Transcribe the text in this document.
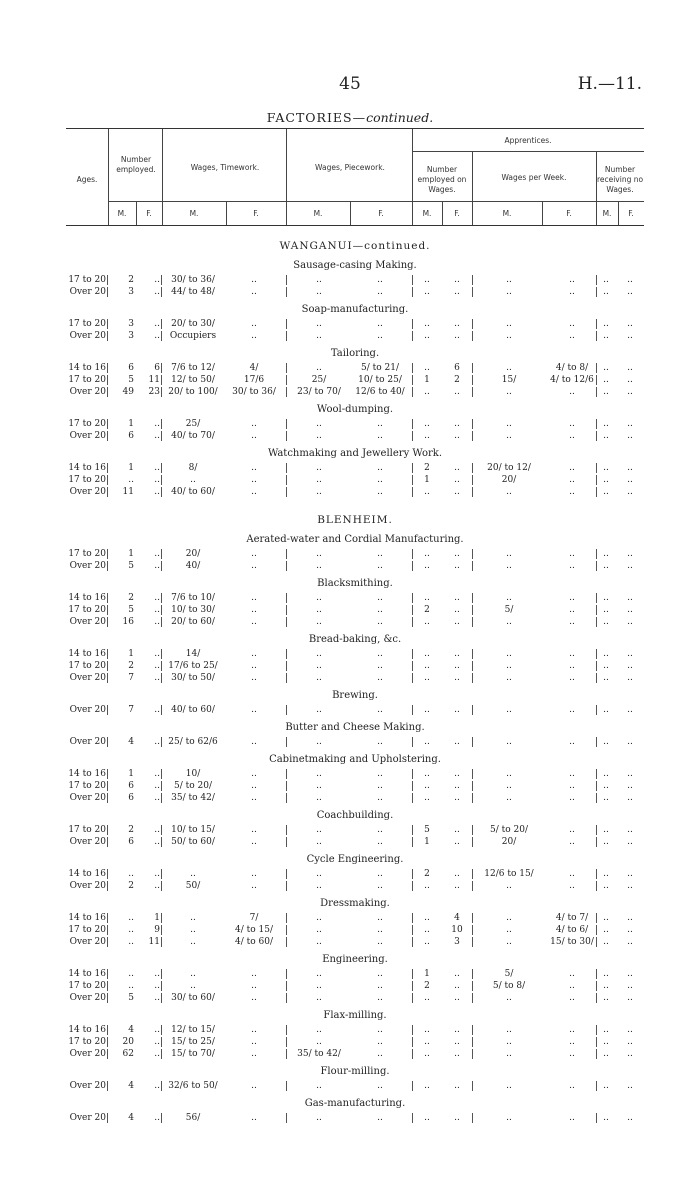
45	H.—11.
FACTORIES—continued.
Ages.
Number employed.	Wages, Timework.	Wages, Piecework.
Apprentices.
Number employed on Wages.
Wages per Week.
Number receiving no Wages.
M.	F.	M.	F.	M.	F.	M.	F.	M.	F.	M.	F.
WANGANUI—continued.
Sausage-casing Making.
17 to 20	2	..	30/ to 36/	..	..	..	..	..	..	..	..	..
Over 20	3	..	44/ to 48/	..	..	..	..	..	..	..	..	..
Soap-manufacturing.
17 to 20	3	..	20/ to 30/	..	..	..	..	..	..	..	..	..
Over 20	3	..	Occupiers	..	..	..	..	..	..	..	..	..
Tailoring.
14 to 16	6	6	7/6 to 12/	4/	..	5/ to 21/	..	6	..	4/ to 8/	..	..
17 to 20	5	11	12/ to 50/	17/6	25/	10/ to 25/	1	2	15/	4/ to 12/6	..	..
Over 20	49	23 20/ to 100/	30/ to 36/	23/ to 70/	12/6 to 40/	..	..	..	..	..	..
Wool-dumping.
17 to 20	1	..	25/	..	..	..	..	..	..	..	..	..
Over 20	6	..	40/ to 70/	..	..	..	..	..	..	..	..	..
Watchmaking and Jewellery Work.
14 to 16	1	..	8/	..	..	..	2	..	20/ to 12/	..	..	..
17 to 20	..	..	..	..	..	..	1	..	20/	..	..	..
Over 20	11	..	40/ to 60/	..	..	..	..	..	..	..	..	..
BLENHEIM.
Aerated-water and Cordial Manufacturing.
17 to 20	1	..	20/	..	..	..	..	..	..	..	..	..
Over 20	5	..	40/	..	..	..	..	..	..	..	..	..
Blacksmithing.
14 to 16	2	..	7/6 to 10/	..	..	..	..	..	..	..	..	..
17 to 20	5	..	10/ to 30/	..	..	..	2	..	5/	..	..	..
Over 20	16	..	20/ to 60/	..	..	..	..	..	..	..	..	..
Bread-baking, &c.
14 to 16	1	..	14/	..	..	..	..	..	..	..	..	..
17 to 20	2	.. 17/6 to 25/	..	..	..	..	..	..	..	..	..
Over 20	7	..	30/ to 50/	..	..	..	..	..	..	..	..	..
Brewing.
Over 20	7	..	40/ to 60/	..	..	..	..	..	..	..	..	..
Butter and Cheese Making.
Over 20	4	.. 25/ to 62/6	..	..	..	..	..	..	..	..	..
Cabinetmaking and Upholstering.
14 to 16	1	..	10/	..	..	..	..	..	..	..	..	..
17 to 20	6	..	5/ to 20/	..	..	..	..	..	..	..	..	..
Over 20	6	..	35/ to 42/	..	..	..	..	..	..	..	..	..
Coachbuilding.
17 to 20	2	..	10/ to 15/	..	..	..	5	..	5/ to 20/	..	..	..
Over 20	6	..	50/ to 60/	..	..	..	1	..	20/	..	..	..
Cycle Engineering.
14 to 16	..	..	..	..	..	..	2	..	12/6 to 15/	..	..	..
Over 20	2	..	50/	..	..	..	..	..	..	..	..	..
Dressmaking.
14 to 16	..	1	..	7/	..	..	..	4	..	4/ to 7/	..	..
17 to 20	..	9	..	4/ to 15/	..	..	..	10	..	4/ to 6/	..	..
Over 20	..	11	..	4/ to 60/	..	..	..	3	..	15/ to 30/	..	..
Engineering.
14 to 16	..	..	..	..	..	..	1	..	5/	..	..	..
17 to 20	..	..	..	..	..	..	2	..	5/ to 8/	..	..	..
Over 20	5	..	30/ to 60/	..	..	..	..	..	..	..	..	..
Flax-milling.
14 to 16	4	..	12/ to 15/	..	..	..	..	..	..	..	..	..
17 to 20	20	..	15/ to 25/	..	..	..	..	..	..	..	..	..
Over 20	62	..	15/ to 70/	..	35/ to 42/	..	..	..	..	..	..	..
Flour-milling.
Over 20	4	.. 32/6 to 50/	..	..	..	..	..	..	..	..	..
Gas-manufacturing.
Over 20	4	..	56/	..	..	..	..	..	..	..	..	..
